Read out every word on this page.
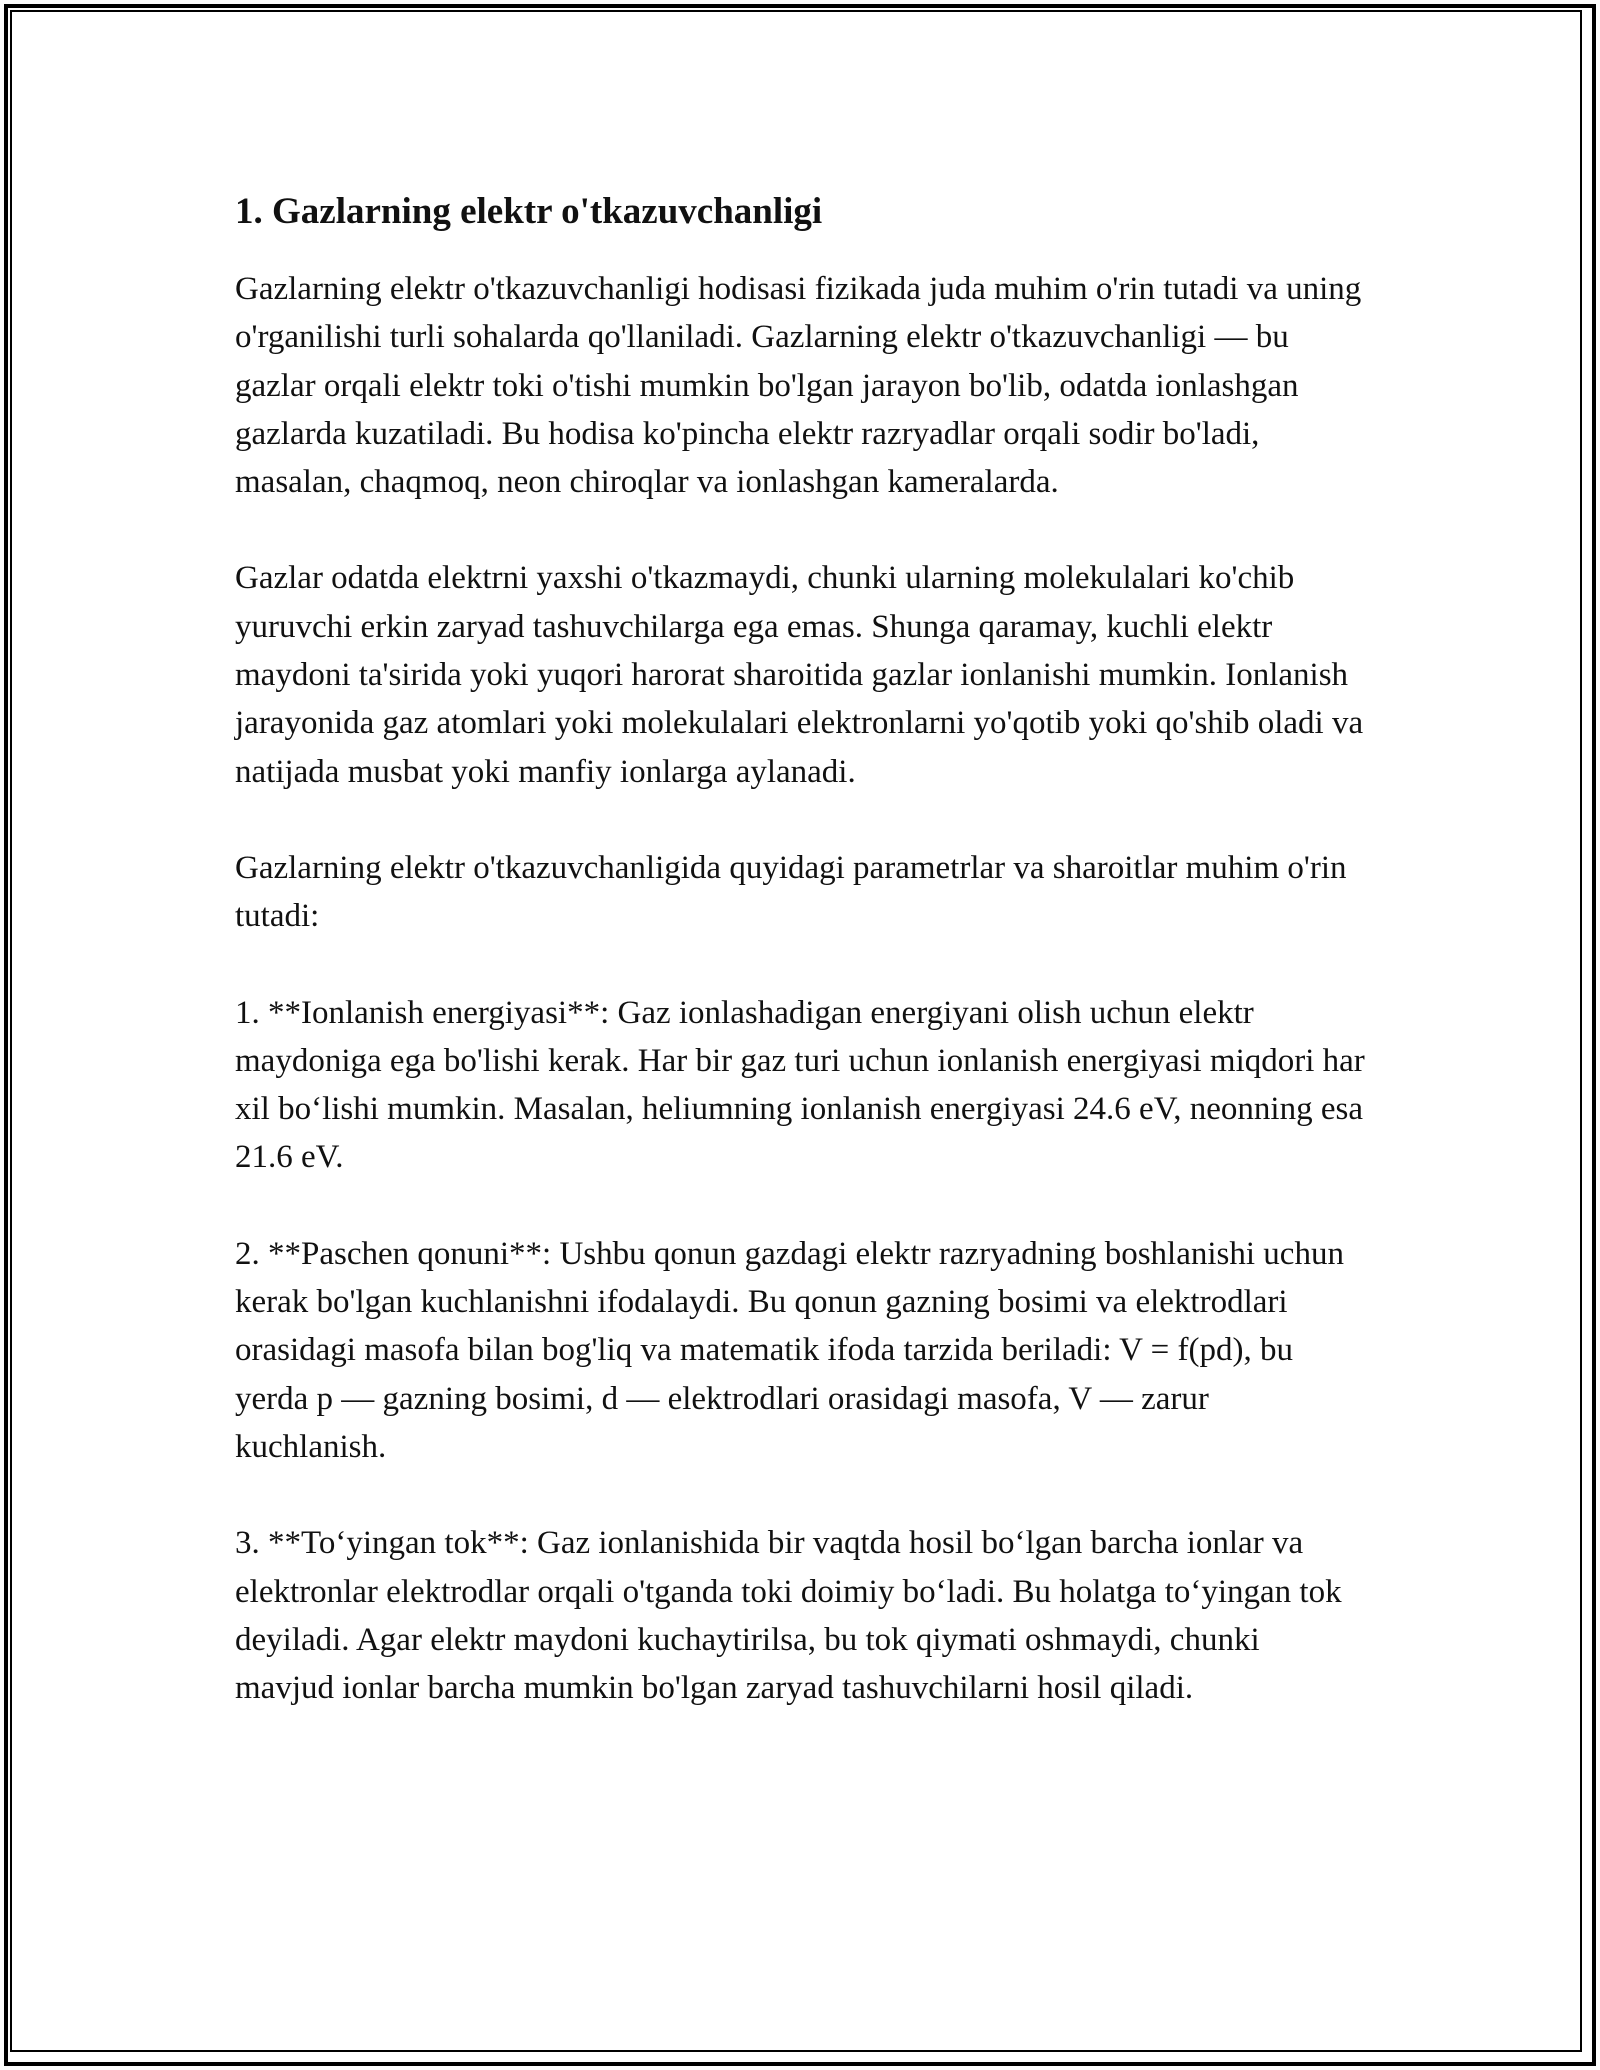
1. Gazlarning elektr o'tkazuvchanligi

Gazlarning elektr o'tkazuvchanligi hodisasi fizikada juda muhim o'rin tutadi va uning o'rganilishi turli sohalarda qo'llaniladi. Gazlarning elektr o'tkazuvchanligi — bu gazlar orqali elektr toki o'tishi mumkin bo'lgan jarayon bo'lib, odatda ionlashgan gazlarda kuzatiladi. Bu hodisa ko'pincha elektr razryadlar orqali sodir bo'ladi, masalan, chaqmoq, neon chiroqlar va ionlashgan kameralarda.

Gazlar odatda elektrni yaxshi o'tkazmaydi, chunki ularning molekulalari ko'chib yuruvchi erkin zaryad tashuvchilarga ega emas. Shunga qaramay, kuchli elektr maydoni ta'sirida yoki yuqori harorat sharoitida gazlar ionlanishi mumkin. Ionlanish jarayonida gaz atomlari yoki molekulalari elektronlarni yo'qotib yoki qo'shib oladi va natijada musbat yoki manfiy ionlarga aylanadi.

Gazlarning elektr o'tkazuvchanligida quyidagi parametrlar va sharoitlar muhim o'rin tutadi:

1. **Ionlanish energiyasi**: Gaz ionlashadigan energiyani olish uchun elektr maydoniga ega bo'lishi kerak. Har bir gaz turi uchun ionlanish energiyasi miqdori har xil bo‘lishi mumkin. Masalan, heliumning ionlanish energiyasi 24.6 eV, neonning esa 21.6 eV.

2. **Paschen qonuni**: Ushbu qonun gazdagi elektr razryadning boshlanishi uchun kerak bo'lgan kuchlanishni ifodalaydi. Bu qonun gazning bosimi va elektrodlari orasidagi masofa bilan bog'liq va matematik ifoda tarzida beriladi: V = f(pd), bu yerda p — gazning bosimi, d — elektrodlari orasidagi masofa, V — zarur kuchlanish.

3. **To‘yingan tok**: Gaz ionlanishida bir vaqtda hosil bo‘lgan barcha ionlar va elektronlar elektrodlar orqali o'tganda toki doimiy bo‘ladi. Bu holatga to‘yingan tok deyiladi. Agar elektr maydoni kuchaytirilsa, bu tok qiymati oshmaydi, chunki mavjud ionlar barcha mumkin bo'lgan zaryad tashuvchilarni hosil qiladi.
